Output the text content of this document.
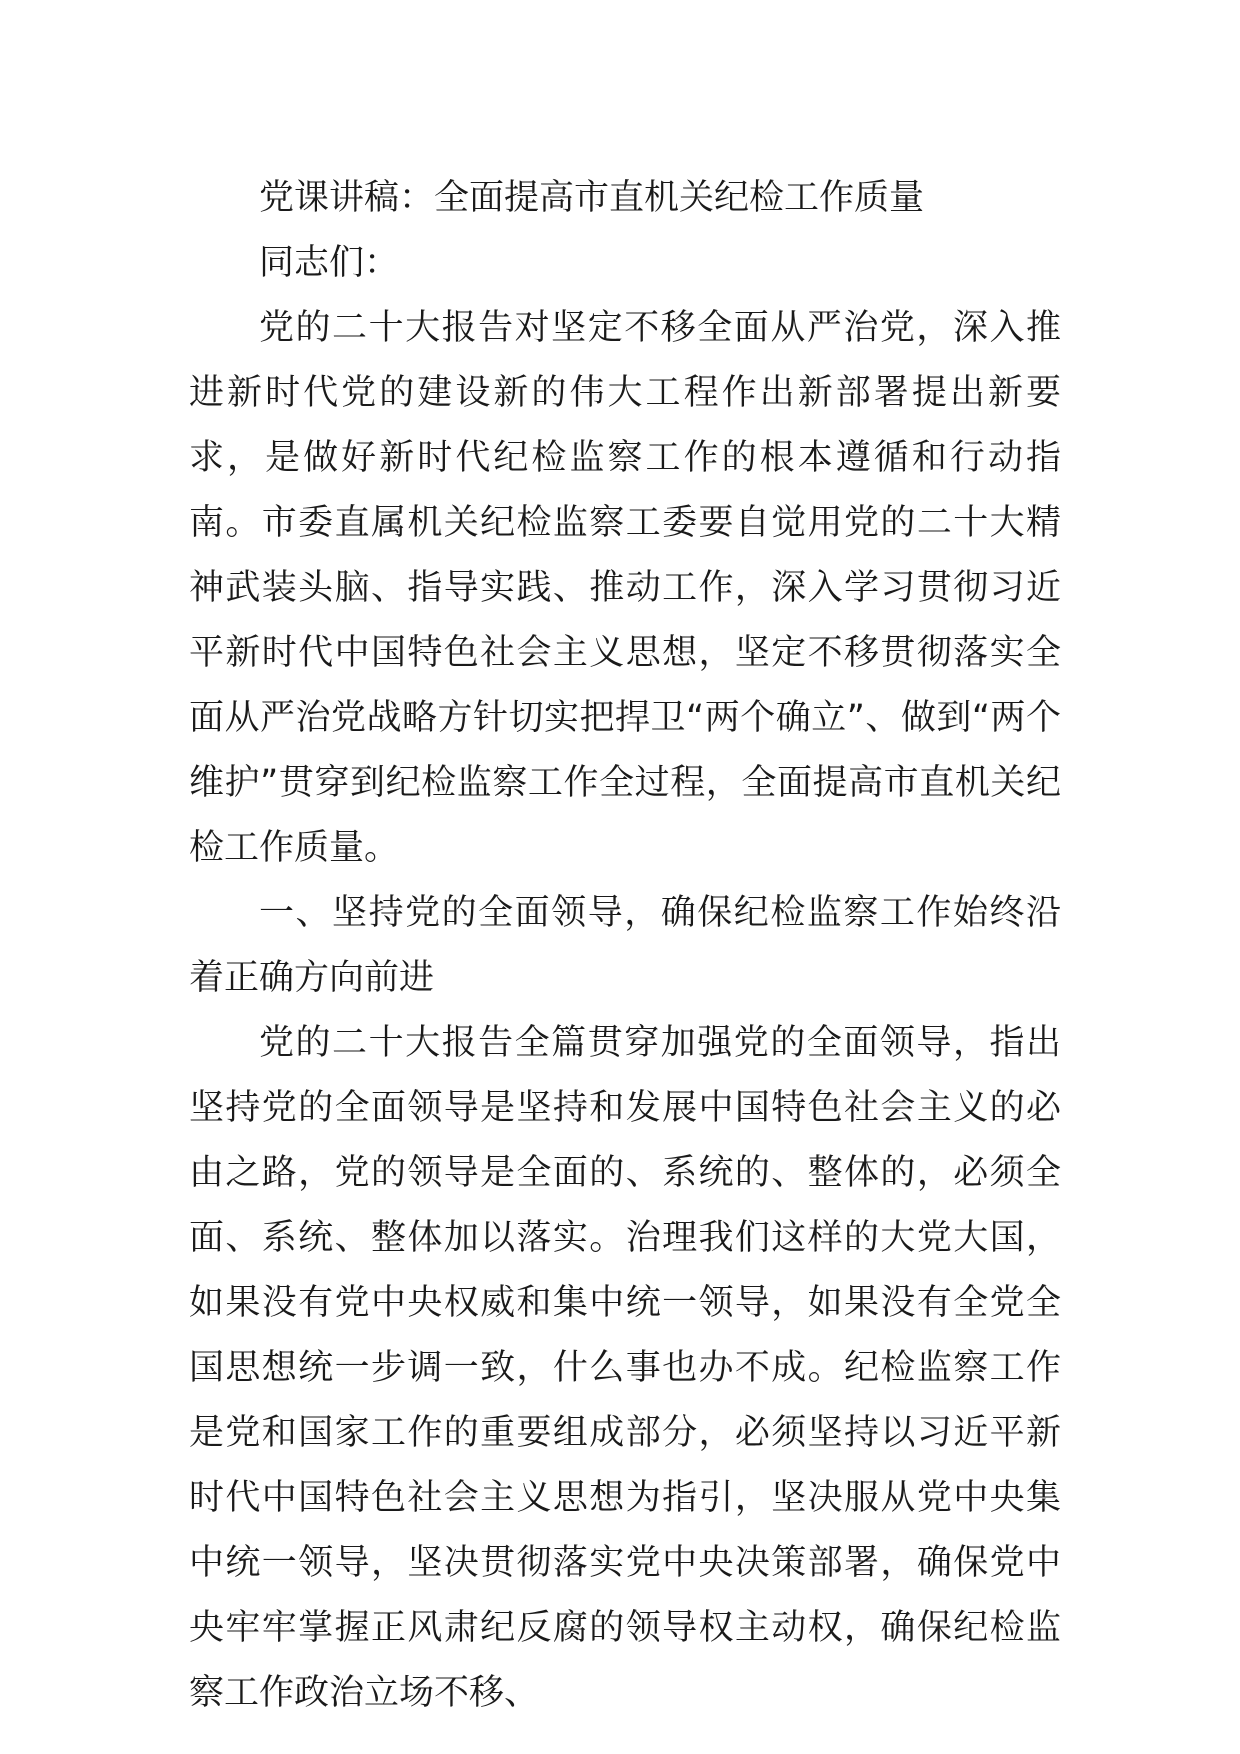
党课讲稿：全面提高市直机关纪检工作质量

同志们：

党的二十大报告对坚定不移全面从严治党，深入推进新时代党的建设新的伟大工程作出新部署提出新要求，是做好新时代纪检监察工作的根本遵循和行动指南。市委直属机关纪检监察工委要自觉用党的二十大精神武装头脑、指导实践、推动工作，深入学习贯彻习近平新时代中国特色社会主义思想，坚定不移贯彻落实全面从严治党战略方针切实把捍卫“两个确立”、做到“两个维护”贯穿到纪检监察工作全过程，全面提高市直机关纪检工作质量。

一、坚持党的全面领导，确保纪检监察工作始终沿着正确方向前进

党的二十大报告全篇贯穿加强党的全面领导，指出坚持党的全面领导是坚持和发展中国特色社会主义的必由之路，党的领导是全面的、系统的、整体的，必须全面、系统、整体加以落实。治理我们这样的大党大国，如果没有党中央权威和集中统一领导，如果没有全党全国思想统一步调一致，什么事也办不成。纪检监察工作是党和国家工作的重要组成部分，必须坚持以习近平新时代中国特色社会主义思想为指引，坚决服从党中央集中统一领导，坚决贯彻落实党中央决策部署，确保党中央牢牢掌握正风肃纪反腐的领导权主动权，确保纪检监察工作政治立场不移、
